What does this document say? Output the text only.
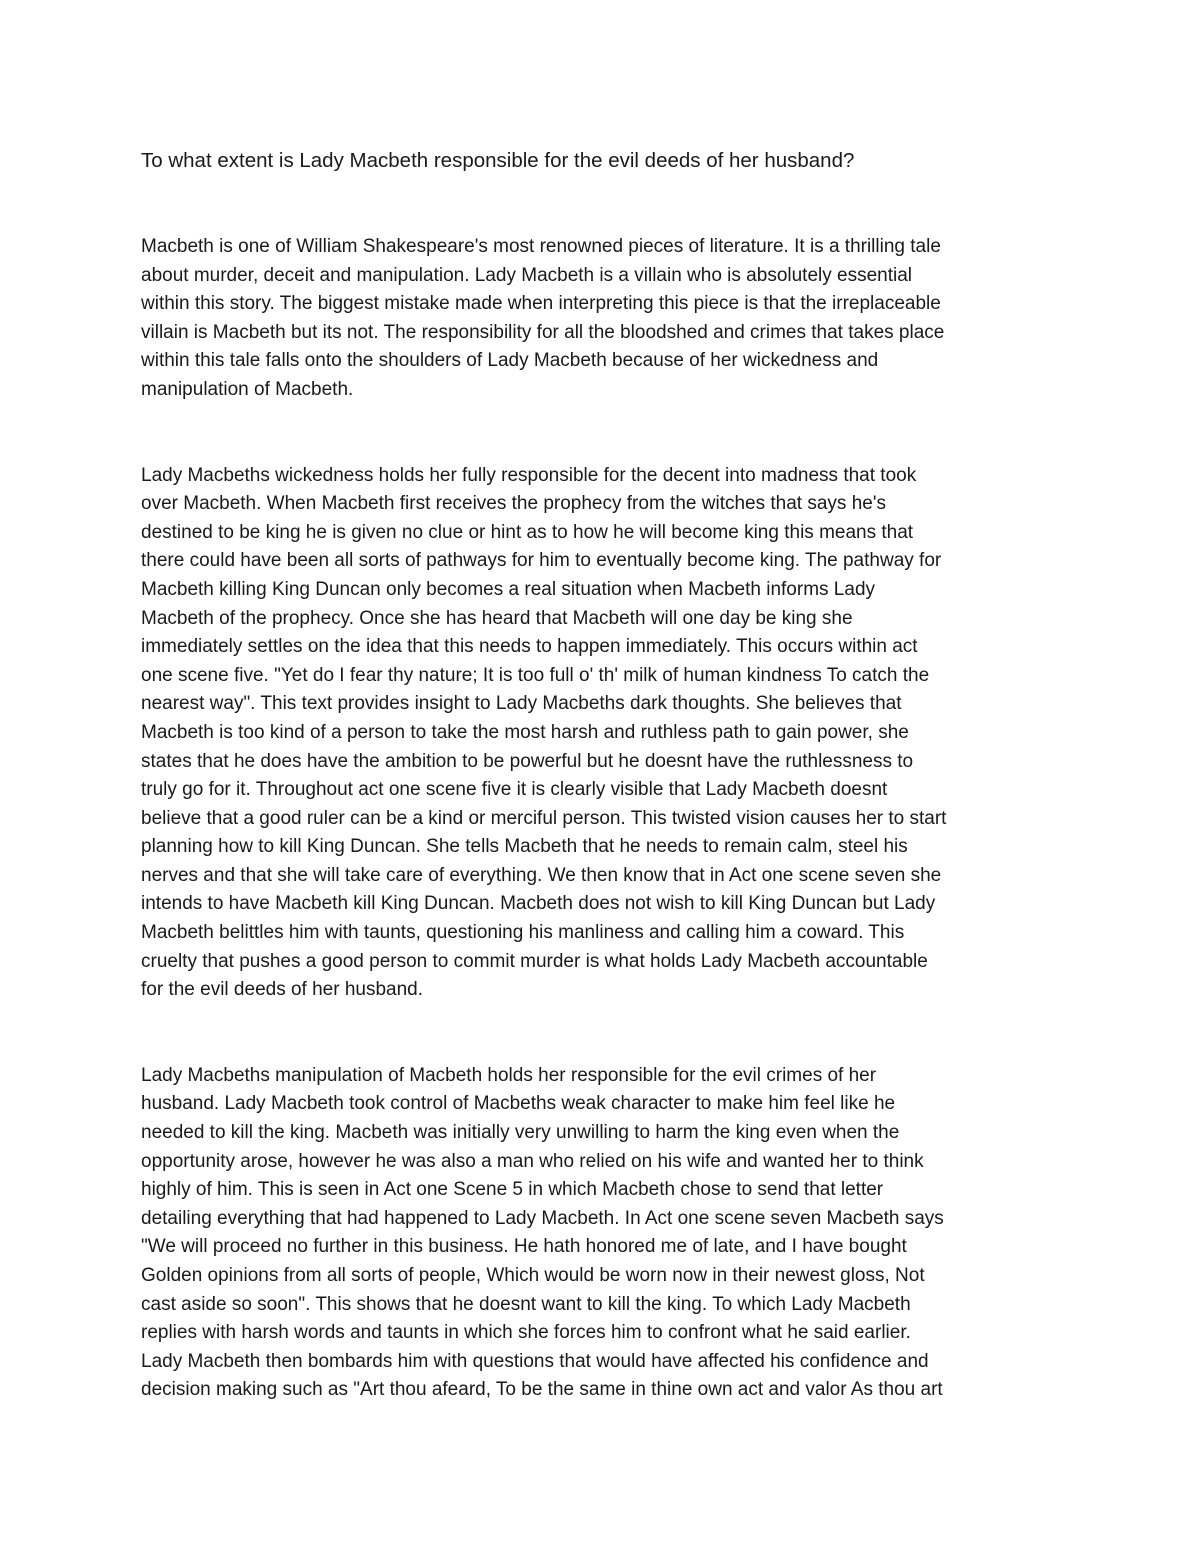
To what extent is Lady Macbeth responsible for the evil deeds of her husband?
Macbeth is one of William Shakespeare's most renowned pieces of literature. It is a thrilling tale
about murder, deceit and manipulation. Lady Macbeth is a villain who is absolutely essential
within this story. The biggest mistake made when interpreting this piece is that the irreplaceable
villain is Macbeth but its not. The responsibility for all the bloodshed and crimes that takes place
within this tale falls onto the shoulders of Lady Macbeth because of her wickedness and
manipulation of Macbeth.
Lady Macbeths wickedness holds her fully responsible for the decent into madness that took
over Macbeth. When Macbeth first receives the prophecy from the witches that says he's
destined to be king he is given no clue or hint as to how he will become king this means that
there could have been all sorts of pathways for him to eventually become king. The pathway for
Macbeth killing King Duncan only becomes a real situation when Macbeth informs Lady
Macbeth of the prophecy. Once she has heard that Macbeth will one day be king she
immediately settles on the idea that this needs to happen immediately. This occurs within act
one scene five. "Yet do I fear thy nature; It is too full o' th' milk of human kindness To catch the
nearest way". This text provides insight to Lady Macbeths dark thoughts. She believes that
Macbeth is too kind of a person to take the most harsh and ruthless path to gain power, she
states that he does have the ambition to be powerful but he doesnt have the ruthlessness to
truly go for it. Throughout act one scene five it is clearly visible that Lady Macbeth doesnt
believe that a good ruler can be a kind or merciful person. This twisted vision causes her to start
planning how to kill King Duncan. She tells Macbeth that he needs to remain calm, steel his
nerves and that she will take care of everything. We then know that in Act one scene seven she
intends to have Macbeth kill King Duncan. Macbeth does not wish to kill King Duncan but Lady
Macbeth belittles him with taunts, questioning his manliness and calling him a coward. This
cruelty that pushes a good person to commit murder is what holds Lady Macbeth accountable
for the evil deeds of her husband.
Lady Macbeths manipulation of Macbeth holds her responsible for the evil crimes of her
husband. Lady Macbeth took control of Macbeths weak character to make him feel like he
needed to kill the king. Macbeth was initially very unwilling to harm the king even when the
opportunity arose, however he was also a man who relied on his wife and wanted her to think
highly of him. This is seen in Act one Scene 5 in which Macbeth chose to send that letter
detailing everything that had happened to Lady Macbeth. In Act one scene seven Macbeth says
"We will proceed no further in this business. He hath honored me of late, and I have bought
Golden opinions from all sorts of people, Which would be worn now in their newest gloss, Not
cast aside so soon". This shows that he doesnt want to kill the king. To which Lady Macbeth
replies with harsh words and taunts in which she forces him to confront what he said earlier.
Lady Macbeth then bombards him with questions that would have affected his confidence and
decision making such as "Art thou afeard, To be the same in thine own act and valor As thou art
